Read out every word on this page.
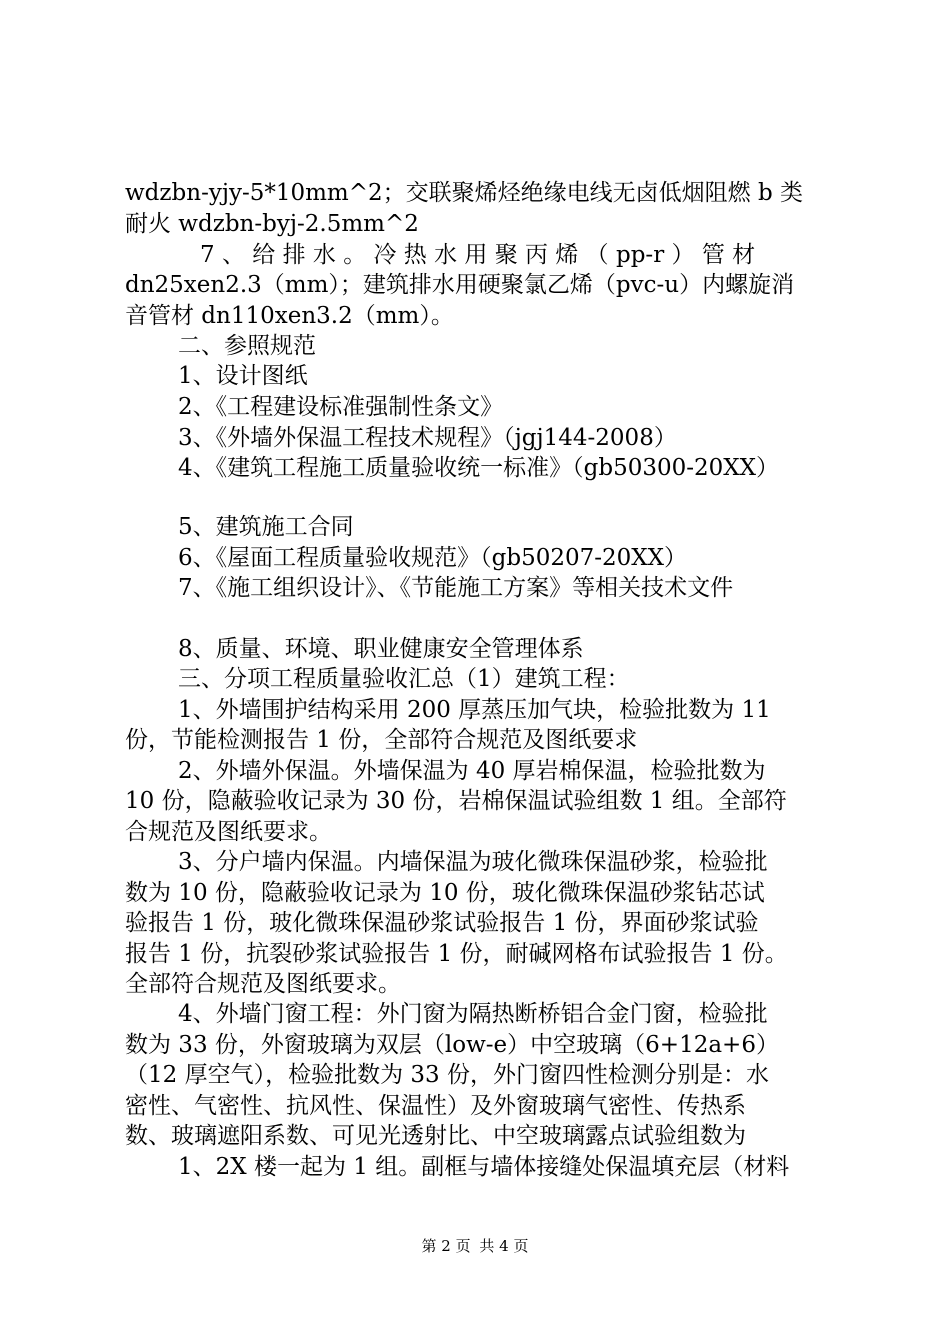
wdzbn-yjy-5*10mm^2；交联聚烯烃绝缘电线无卤低烟阻燃 b 类
耐火 wdzbn-byj-2.5mm^2
7 、 给 排 水 。 冷 热 水 用 聚 丙 烯 （ pp-r ） 管 材
dn25xen2.3（mm）；建筑排水用硬聚氯乙烯（pvc-u）内螺旋消
音管材 dn110xen3.2（mm）。
二、参照规范
1、设计图纸
2、《工程建设标准强制性条文》
3、《外墙外保温工程技术规程》（jgj144-2008）
4、《建筑工程施工质量验收统一标准》（gb50300-20XX）
5、建筑施工合同
6、《屋面工程质量验收规范》（gb50207-20XX）
7、《施工组织设计》、《节能施工方案》等相关技术文件
8、质量、环境、职业健康安全管理体系
三、分项工程质量验收汇总（1）建筑工程：
1、外墙围护结构采用 200 厚蒸压加气块，检验批数为 11
份，节能检测报告 1 份，全部符合规范及图纸要求
2、外墙外保温。外墙保温为 40 厚岩棉保温，检验批数为
10 份，隐蔽验收记录为 30 份，岩棉保温试验组数 1 组。全部符
合规范及图纸要求。
3、分户墙内保温。内墙保温为玻化微珠保温砂浆，检验批
数为 10 份，隐蔽验收记录为 10 份，玻化微珠保温砂浆钻芯试
验报告 1 份，玻化微珠保温砂浆试验报告 1 份，界面砂浆试验
报告 1 份，抗裂砂浆试验报告 1 份，耐碱网格布试验报告 1 份。
全部符合规范及图纸要求。
4、外墙门窗工程：外门窗为隔热断桥铝合金门窗，检验批
数为 33 份，外窗玻璃为双层（low-e）中空玻璃（6+12a+6）
（12 厚空气），检验批数为 33 份，外门窗四性检测分别是：水
密性、气密性、抗风性、保温性）及外窗玻璃气密性、传热系
数、玻璃遮阳系数、可见光透射比、中空玻璃露点试验组数为
1、2X 楼一起为 1 组。副框与墙体接缝处保温填充层（材料
第 2 页 共 4 页
